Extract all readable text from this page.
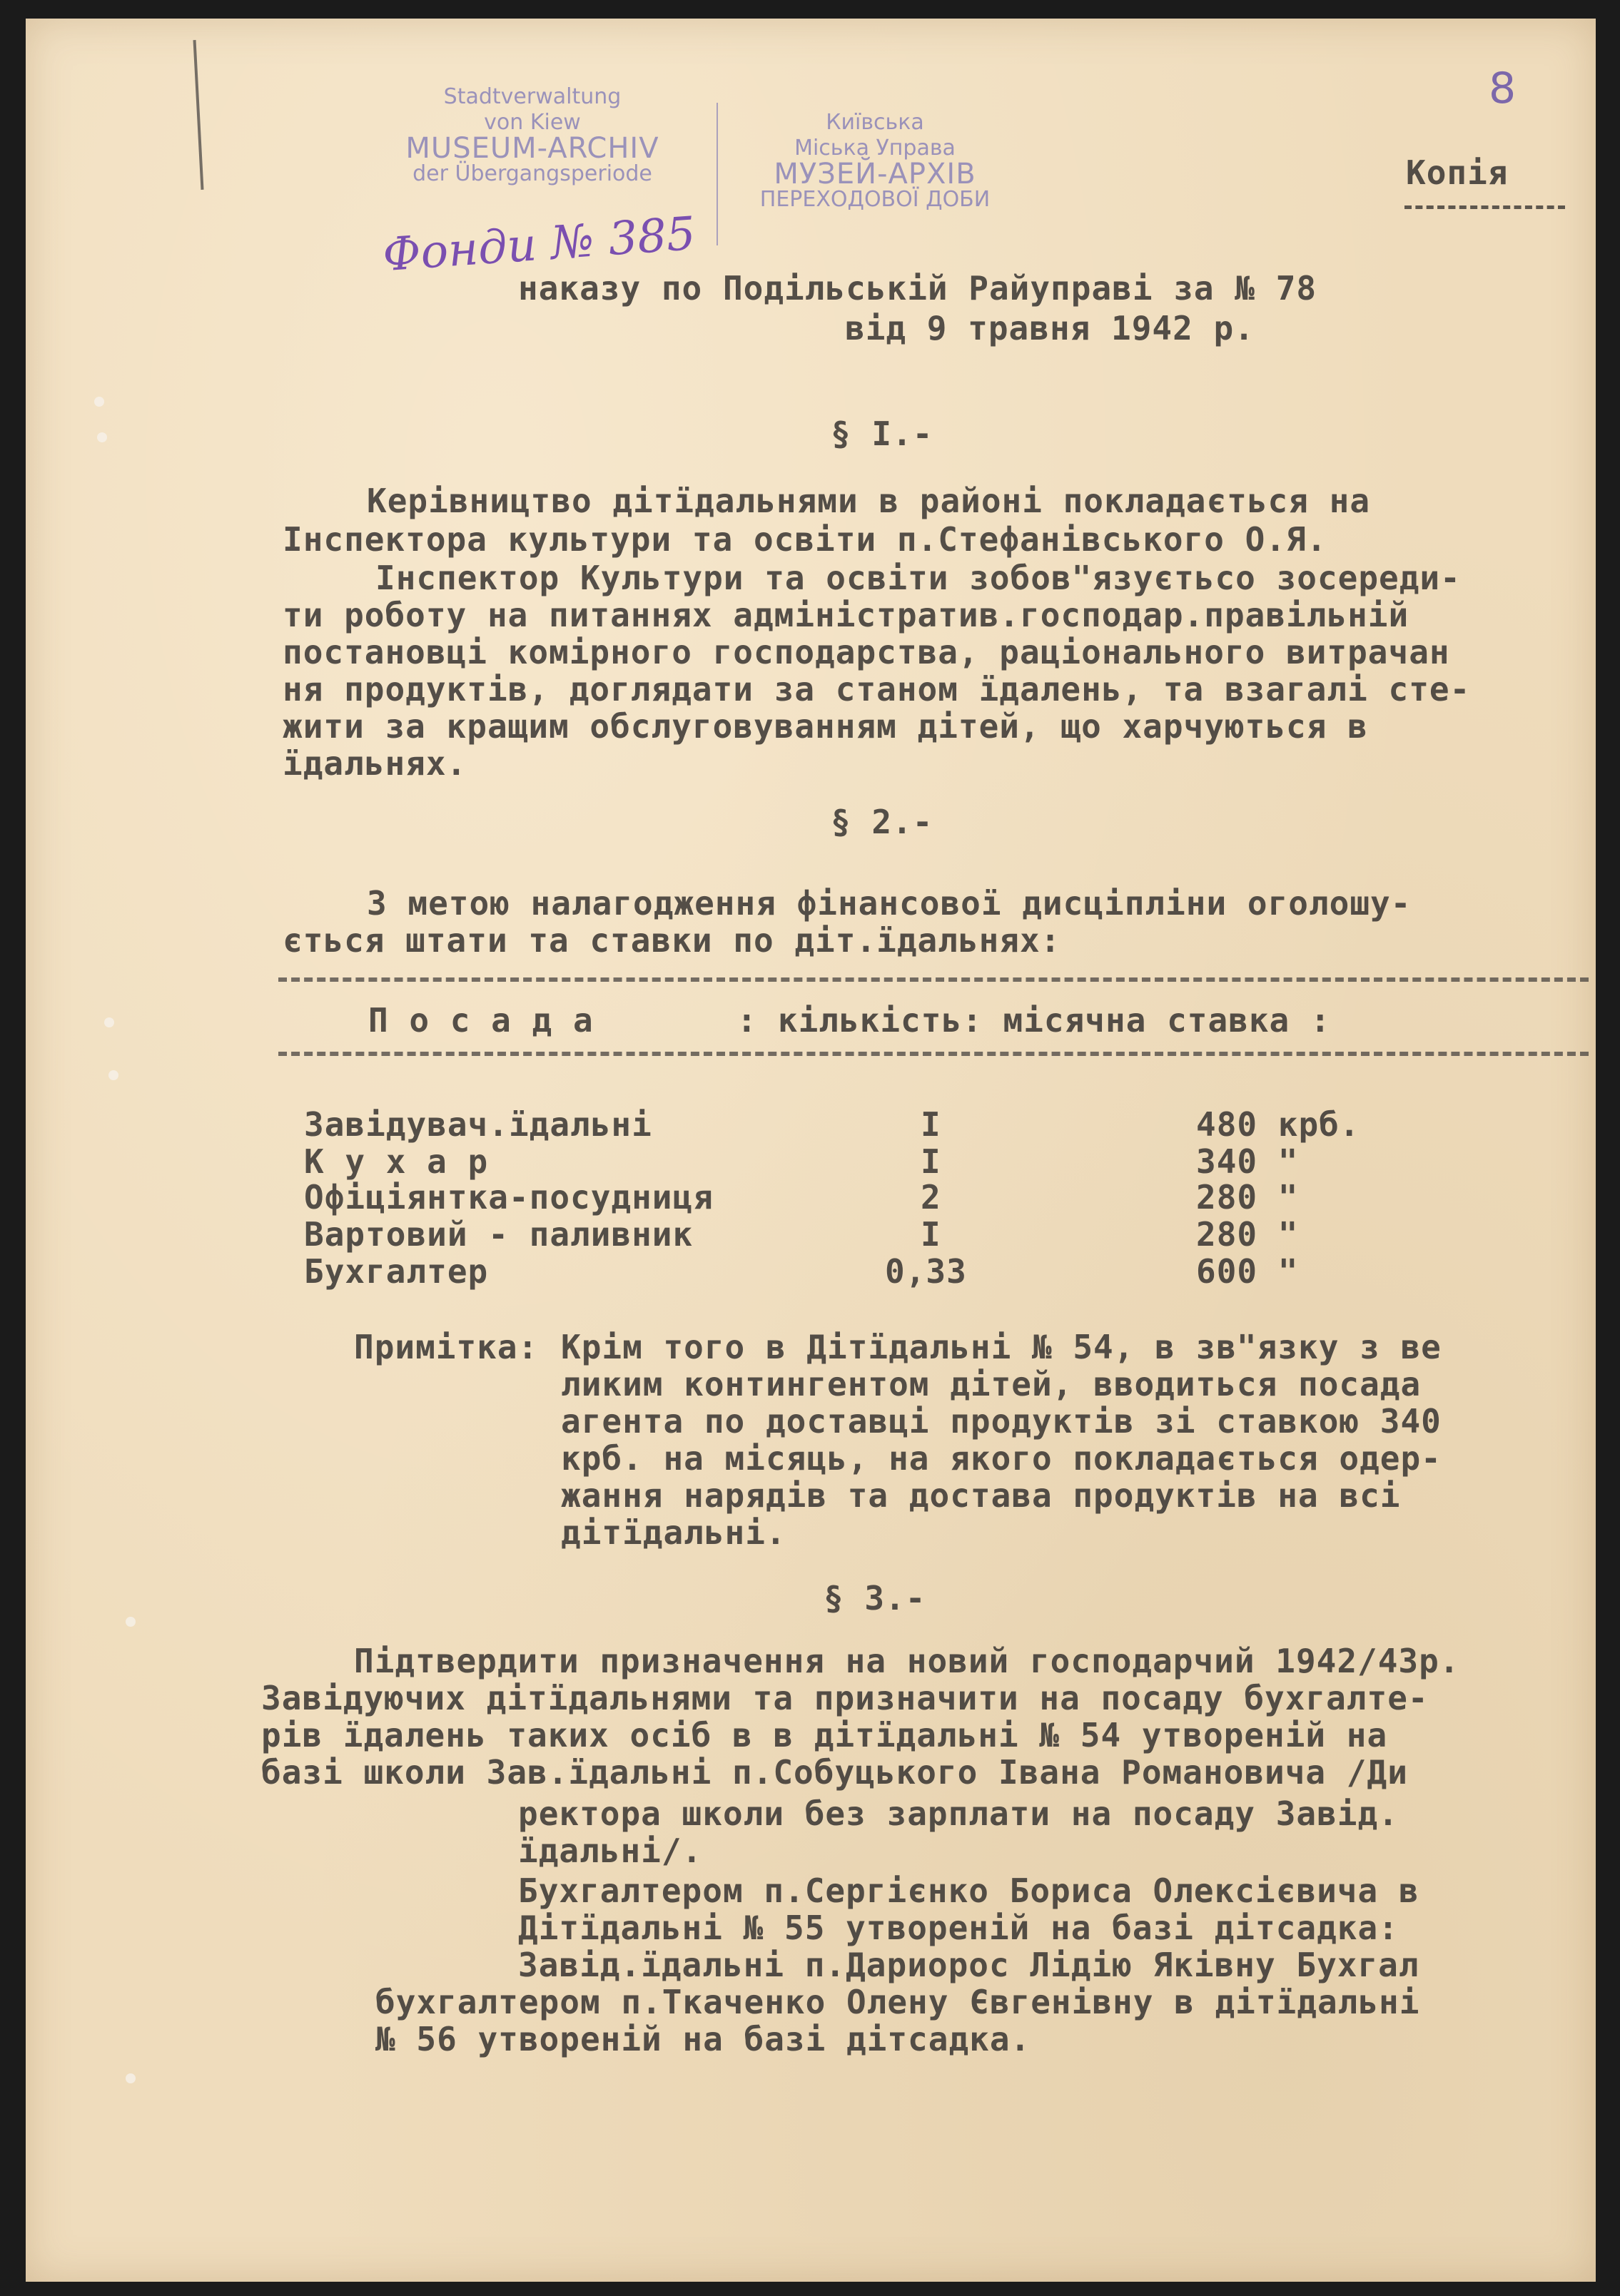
8
Stadtverwaltung
von Kiew
MUSEUM-ARCHIV
der Übergangsperiode
Київська
Міська Управа
МУЗЕЙ-АРХІВ
ПЕРЕХОДОВОЇ ДОБИ
Копія
Фонди № 385
наказу по Подільській Райуправі за № 78
від 9 травня 1942 р.
§ I.-
Керівництво дітїдальнями в районі покладається на
Інспектора культури та освіти п.Стефанівського О.Я.
Інспектор Культури та освіти зобов"язуєтьсо зосереди-
ти роботу на питаннях адміністратив.господар.правільній
постановці комірного господарства, раціонального витрачан
ня продуктів, доглядати за станом їдалень, та взагалі сте-
жити за кращим обслуговуванням дітей, що харчуються в
їдальнях.
§ 2.-
З метою налагодження фінансової дисціпліни оголошу-
ється штати та ставки по діт.їдальнях:
П о с а д а       : кількість: місячна ставка :
Завідувач.їдальні	I	480 крб.
К у х а р	I	340 "
Офіціянтка-посудниця	2	280 "
Вартовий - паливник	I	280 "
Бухгалтер	0,33	600 "
Примітка: Крім того в Дітїдальні № 54, в зв"язку з ве
ликим контингентом дітей, вводиться посада
агента по доставці продуктів зі ставкою 340
крб. на місяць, на якого покладається одер-
жання нарядів та достава продуктів на всі
дітїдальні.
§ 3.-
Підтвердити призначення на новий господарчий 1942/43р.
Завідуючих дітїдальнями та призначити на посаду бухгалте-
рів їдалень таких осіб в в дітїдальні № 54 утвореній на
базі школи Зав.їдальні п.Собуцького Івана Романовича /Ди
ректора школи без зарплати на посаду Завід.
їдальні/.
Бухгалтером п.Сергієнко Бориса Олексієвича в
Дітїдальні № 55 утвореній на базі дітсадка:
Завід.їдальні п.Дариорос Лідію Яківну Бухгал
бухгалтером п.Ткаченко Олену Євгенівну в дітїдальні
№ 56 утвореній на базі дітсадка.
